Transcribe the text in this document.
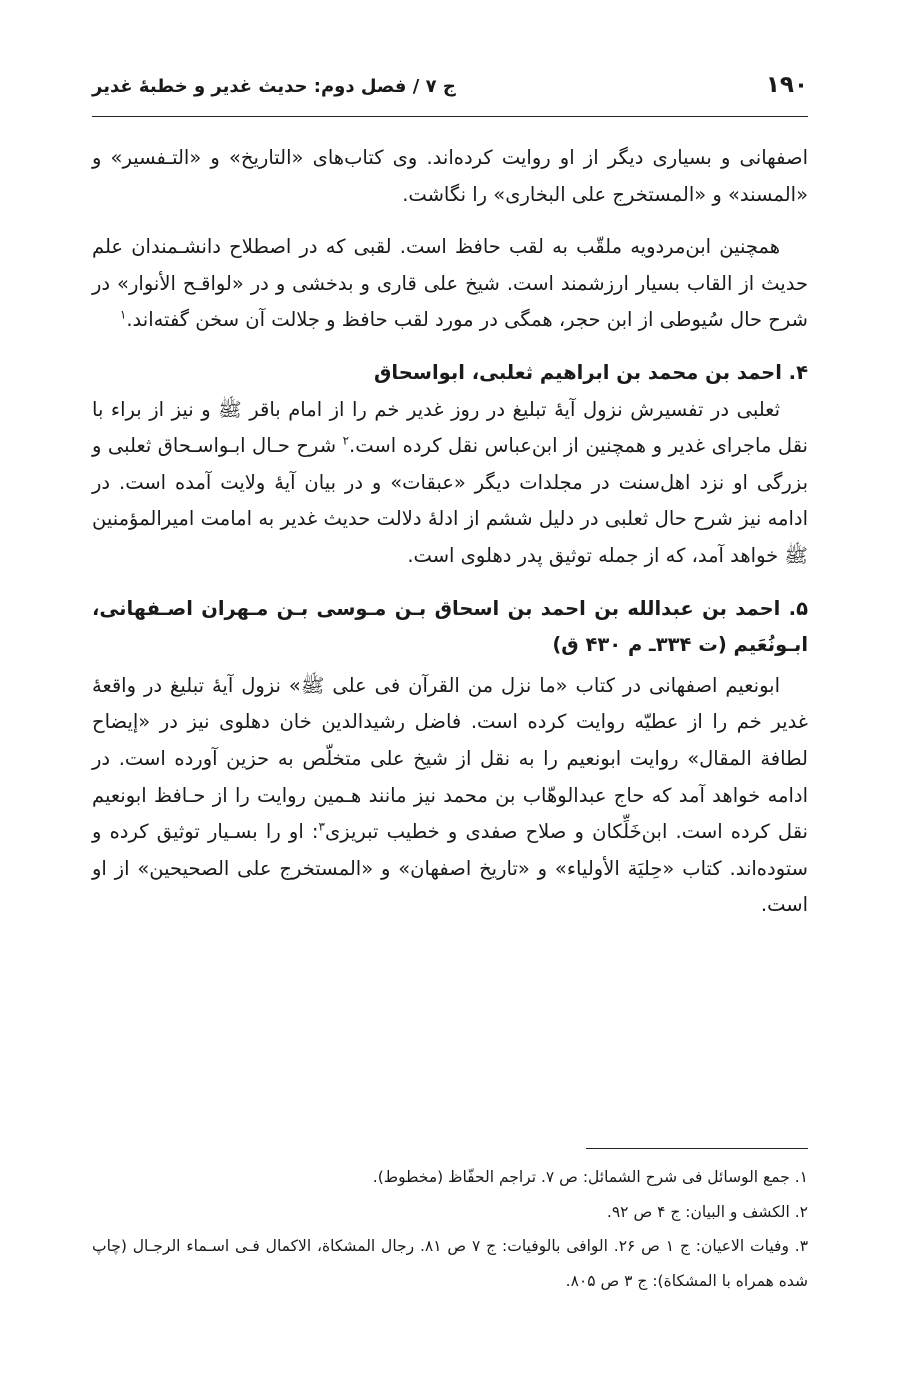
۱۹۰
ج ۷ / فصل دوم: حدیث غدیر و خطبهٔ غدیر

اصفهانی و بسیاری دیگر از او روایت کرده‌اند. وی کتاب‌های «التاریخ» و «التـفسیر» و «المسند» و «المستخرج علی البخاری» را نگاشت.

همچنین ابن‌مردویه ملقّب به لقب حافظ است. لقبی که در اصطلاح دانشـمندان علم حدیث از القاب بسیار ارزشمند است. شیخ علی قاری و بدخشی و در «لواقـح الأنوار» در شرح حال سُیوطی از ابن حجر، همگی در مورد لقب حافظ و جلالت آن سخن گفته‌اند.$^۱$

۴. احمد بن محمد بن ابراهیم ثعلبی، ابواسحاق

ثعلبی در تفسیرش نزول آیهٔ تبلیغ در روز غدیر خم را از امام باقر ﷺ و نیز از براء با نقل ماجرای غدیر و همچنین از ابن‌عباس نقل کرده است.$^۲$ شرح حـال ابـواسـحاق ثعلبی و بزرگی او نزد اهل‌سنت در مجلدات دیگر «عبقات» و در بیان آیهٔ ولایت آمده است. در ادامه نیز شرح حال ثعلبی در دلیل ششم از ادلهٔ دلالت حدیث غدیر به امامت امیرالمؤمنین ﷺ خواهد آمد، که از جمله توثیق پدر دهلوی است.

۵. احمد بن عبدالله بن احمد بن اسحاق بـن مـوسی بـن مـهران اصـفهانی، ابـونُعَیم (ت ۳۳۴ـ م ۴۳۰ ق)

ابونعیم اصفهانی در کتاب «ما نزل من القرآن فی علی ﷺ» نزول آیهٔ تبلیغ در واقعهٔ غدیر خم را از عطیّه روایت کرده است. فاضل رشیدالدین خان دهلوی نیز در «إیضاح لطافة المقال» روایت ابونعیم را به نقل از شیخ علی متخلّص به حزین آورده است. در ادامه خواهد آمد که حاج عبدالوهّاب بن محمد نیز مانند هـمین روایت را از حـافظ ابونعیم نقل کرده است. ابن‌خَلِّکان و صلاح صفدی و خطیب تبریزی$^۳$: او را بسـیار توثیق کرده و ستوده‌اند. کتاب «حِلیَة الأولیاء» و «تاریخ اصفهان» و «المستخرج علی الصحیحین» از او است.

۱. جمع الوسائل فی شرح الشمائل: ص ۷. تراجم الحفّاظ (مخطوط).

۲. الکشف و البیان: ج ۴ ص ۹۲.

۳. وفیات الاعیان: ج ۱ ص ۲۶. الوافی بالوفیات: ج ۷ ص ۸۱. رجال المشکاة، الاکمال فـی اسـماء الرجـال (چاپ شده همراه با المشکاة): ج ۳ ص ۸۰۵.
